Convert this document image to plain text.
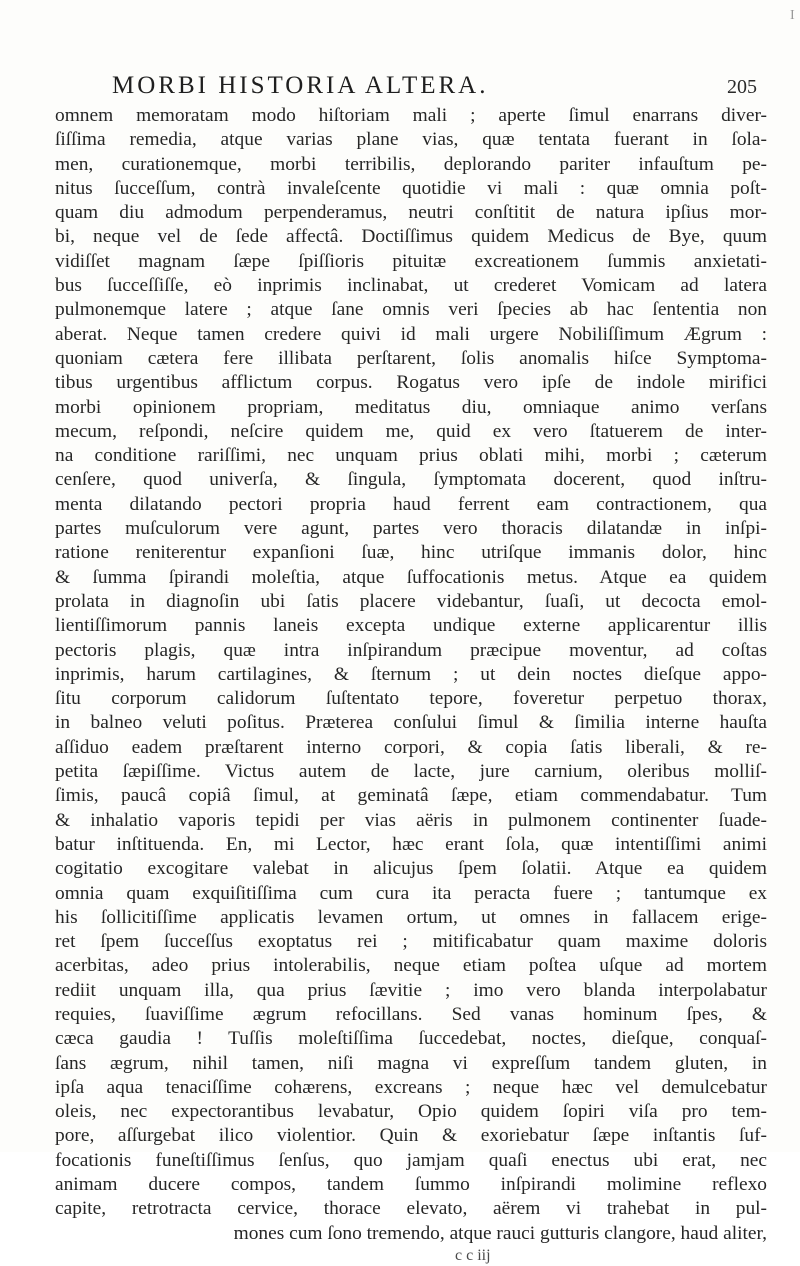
I
MORBI HISTORIA ALTERA.	205
omnem memoratam modo hiſtoriam mali ; aperte ſimul enarrans diver-
ſiſſima remedia, atque varias plane vias, quæ tentata fuerant in ſola-
men, curationemque, morbi terribilis, deplorando pariter infauſtum pe-
nitus ſucceſſum, contrà invaleſcente quotidie vi mali : quæ omnia poſt-
quam diu admodum perpenderamus, neutri conſtitit de natura ipſius mor-
bi, neque vel de ſede affectâ. Doctiſſimus quidem Medicus de Bye, quum
vidiſſet magnam ſæpe ſpiſſioris pituitæ excreationem ſummis anxietati-
bus ſucceſſiſſe, eò inprimis inclinabat, ut crederet Vomicam ad latera
pulmonemque latere ; atque ſane omnis veri ſpecies ab hac ſententia non
aberat. Neque tamen credere quivi id mali urgere Nobiliſſimum Ægrum :
quoniam cætera fere illibata perſtarent, ſolis anomalis hiſce Symptoma-
tibus urgentibus afflictum corpus. Rogatus vero ipſe de indole mirifici
morbi opinionem propriam, meditatus diu, omniaque animo verſans
mecum, reſpondi, neſcire quidem me, quid ex vero ſtatuerem de inter-
na conditione rariſſimi, nec unquam prius oblati mihi, morbi ; cæterum
cenſere, quod univerſa, & ſingula, ſymptomata docerent, quod inſtru-
menta dilatando pectori propria haud ferrent eam contractionem, qua
partes muſculorum vere agunt, partes vero thoracis dilatandæ in inſpi-
ratione reniterentur expanſioni ſuæ, hinc utriſque immanis dolor, hinc
& ſumma ſpirandi moleſtia, atque ſuffocationis metus. Atque ea quidem
prolata in diagnoſin ubi ſatis placere videbantur, ſuaſi, ut decocta emol-
lientiſſimorum pannis laneis excepta undique externe applicarentur illis
pectoris plagis, quæ intra inſpirandum præcipue moventur, ad coſtas
inprimis, harum cartilagines, & ſternum ; ut dein noctes dieſque appo-
ſitu corporum calidorum ſuſtentato tepore, foveretur perpetuo thorax,
in balneo veluti poſitus. Præterea conſului ſimul & ſimilia interne hauſta
aſſiduo eadem præſtarent interno corpori, & copia ſatis liberali, & re-
petita ſæpiſſime. Victus autem de lacte, jure carnium, oleribus molliſ-
ſimis, paucâ copiâ ſimul, at geminatâ ſæpe, etiam commendabatur. Tum
& inhalatio vaporis tepidi per vias aëris in pulmonem continenter ſuade-
batur inſtituenda. En, mi Lector, hæc erant ſola, quæ intentiſſimi animi
cogitatio excogitare valebat in alicujus ſpem ſolatii. Atque ea quidem
omnia quam exquiſitiſſima cum cura ita peracta fuere ; tantumque ex
his ſollicitiſſime applicatis levamen ortum, ut omnes in fallacem erige-
ret ſpem ſucceſſus exoptatus rei ; mitificabatur quam maxime doloris
acerbitas, adeo prius intolerabilis, neque etiam poſtea uſque ad mortem
rediit unquam illa, qua prius ſævitie ; imo vero blanda interpolabatur
requies, ſuaviſſime ægrum refocillans. Sed vanas hominum ſpes, &
cæca gaudia ! Tuſſis moleſtiſſima ſuccedebat, noctes, dieſque, conquaſ-
ſans ægrum, nihil tamen, niſi magna vi expreſſum tandem gluten, in
ipſa aqua tenaciſſime cohærens, excreans ; neque hæc vel demulcebatur
oleis, nec expectorantibus levabatur, Opio quidem ſopiri viſa pro tem-
pore, aſſurgebat ilico violentior. Quin & exoriebatur ſæpe inſtantis ſuf-
focationis funeſtiſſimus ſenſus, quo jamjam quaſi enectus ubi erat, nec
animam ducere compos, tandem ſummo inſpirandi molimine reflexo
capite, retrotracta cervice, thorace elevato, aërem vi trahebat in pul-
mones cum ſono tremendo, atque rauci gutturis clangore, haud aliter,
c c iij
